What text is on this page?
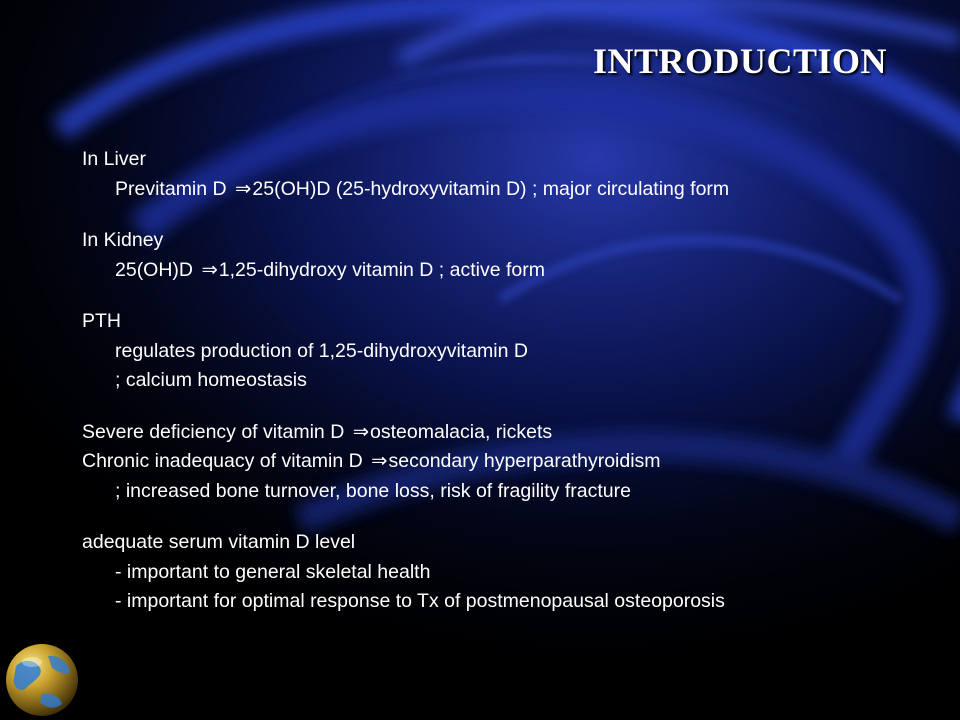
INTRODUCTION
In Liver
Previtamin D ⇒25(OH)D (25-hydroxyvitamin D) ; major circulating form
In Kidney
25(OH)D ⇒1,25-dihydroxy vitamin D ; active form
PTH
regulates production of 1,25-dihydroxyvitamin D
; calcium homeostasis
Severe deficiency of vitamin D ⇒osteomalacia, rickets
Chronic inadequacy of vitamin D ⇒secondary hyperparathyroidism
; increased bone turnover, bone loss, risk of fragility fracture
adequate serum vitamin D level
- important to general skeletal health
- important for optimal response to Tx of postmenopausal osteoporosis
